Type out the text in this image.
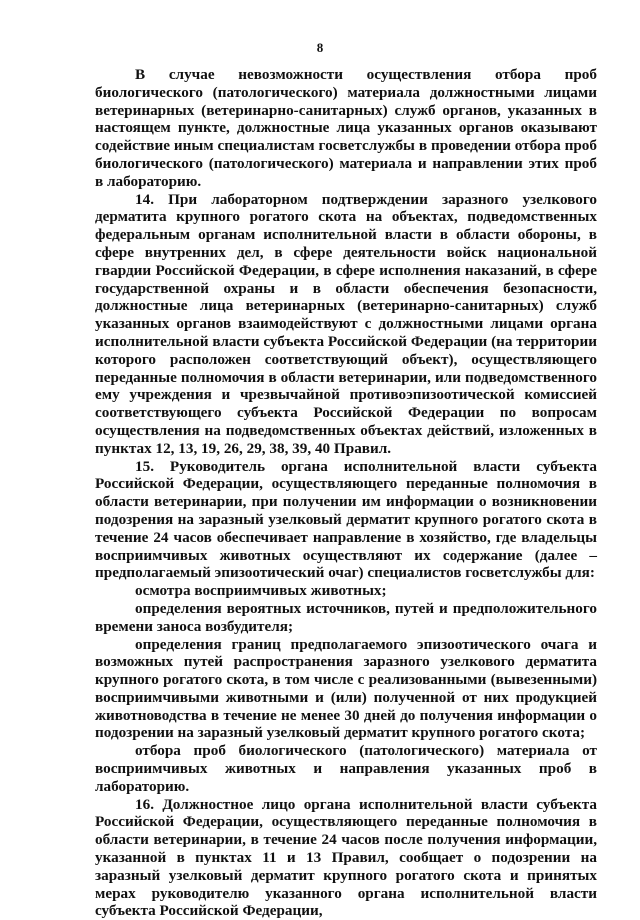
8

В случае невозможности осуществления отбора проб биологического (патологического) материала должностными лицами ветеринарных (ветеринарно-санитарных) служб органов, указанных в настоящем пункте, должностные лица указанных органов оказывают содействие иным специалистам госветслужбы в проведении отбора проб биологического (патологического) материала и направлении этих проб в лабораторию.

14. При лабораторном подтверждении заразного узелкового дерматита крупного рогатого скота на объектах, подведомственных федеральным органам исполнительной власти в области обороны, в сфере внутренних дел, в сфере деятельности войск национальной гвардии Российской Федерации, в сфере исполнения наказаний, в сфере государственной охраны и в области обеспечения безопасности, должностные лица ветеринарных (ветеринарно-санитарных) служб указанных органов взаимодействуют с должностными лицами органа исполнительной власти субъекта Российской Федерации (на территории которого расположен соответствующий объект), осуществляющего переданные полномочия в области ветеринарии, или подведомственного ему учреждения и чрезвычайной противоэпизоотической комиссией соответствующего субъекта Российской Федерации по вопросам осуществления на подведомственных объектах действий, изложенных в пунктах 12, 13, 19, 26, 29, 38, 39, 40 Правил.

15. Руководитель органа исполнительной власти субъекта Российской Федерации, осуществляющего переданные полномочия в области ветеринарии, при получении им информации о возникновении подозрения на заразный узелковый дерматит крупного рогатого скота в течение 24 часов обеспечивает направление в хозяйство, где владельцы восприимчивых животных осуществляют их содержание (далее – предполагаемый эпизоотический очаг) специалистов госветслужбы для:

осмотра восприимчивых животных;

определения вероятных источников, путей и предположительного времени заноса возбудителя;

определения границ предполагаемого эпизоотического очага и возможных путей распространения заразного узелкового дерматита крупного рогатого скота, в том числе с реализованными (вывезенными) восприимчивыми животными и (или) полученной от них продукцией животноводства в течение не менее 30 дней до получения информации о подозрении на заразный узелковый дерматит крупного рогатого скота;

отбора проб биологического (патологического) материала от восприимчивых животных и направления указанных проб в лабораторию.

16. Должностное лицо органа исполнительной власти субъекта Российской Федерации, осуществляющего переданные полномочия в области ветеринарии, в течение 24 часов после получения информации, указанной в пунктах 11 и 13 Правил, сообщает о подозрении на заразный узелковый дерматит крупного рогатого скота и принятых мерах руководителю указанного органа исполнительной власти субъекта Российской Федерации,
